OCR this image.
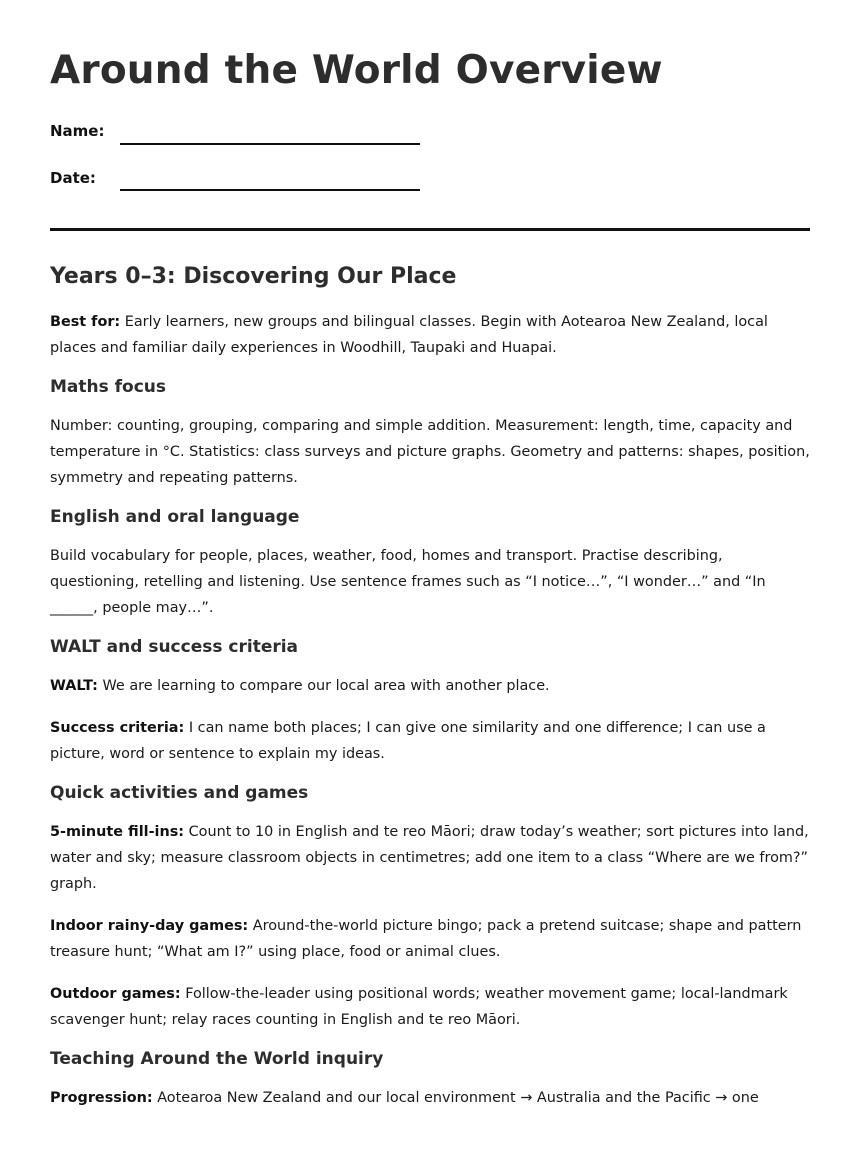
Around the World Overview
Name:
Date:
Years 0–3: Discovering Our Place

Best for: Early learners, new groups and bilingual classes. Begin with Aotearoa New Zealand, local places and familiar daily experiences in Woodhill, Taupaki and Huapai.

Maths focus

Number: counting, grouping, comparing and simple addition. Measurement: length, time, capacity and temperature in °C. Statistics: class surveys and picture graphs. Geometry and patterns: shapes, position, symmetry and repeating patterns.

English and oral language

Build vocabulary for people, places, weather, food, homes and transport. Practise describing, questioning, retelling and listening. Use sentence frames such as “I notice…”, “I wonder…” and “In ______, people may…”.

WALT and success criteria

WALT: We are learning to compare our local area with another place.

Success criteria: I can name both places; I can give one similarity and one difference; I can use a picture, word or sentence to explain my ideas.

Quick activities and games

5-minute fill-ins: Count to 10 in English and te reo Māori; draw today’s weather; sort pictures into land, water and sky; measure classroom objects in centimetres; add one item to a class “Where are we from?” graph.

Indoor rainy-day games: Around-the-world picture bingo; pack a pretend suitcase; shape and pattern treasure hunt; “What am I?” using place, food or animal clues.

Outdoor games: Follow-the-leader using positional words; weather movement game; local-landmark scavenger hunt; relay races counting in English and te reo Māori.

Teaching Around the World inquiry

Progression: Aotearoa New Zealand and our local environment → Australia and the Pacific → one
